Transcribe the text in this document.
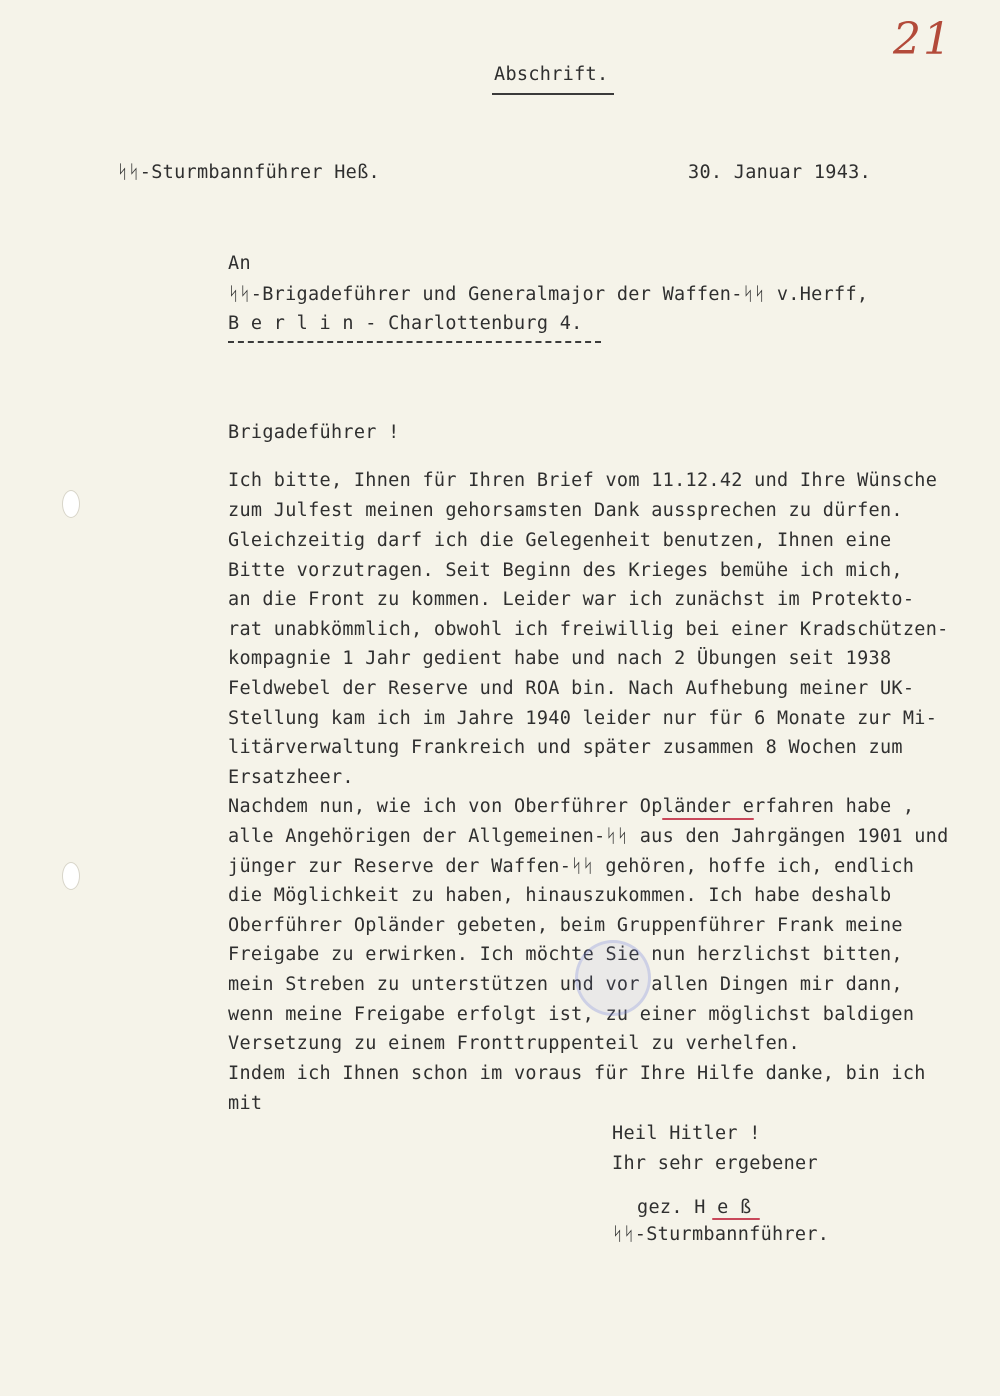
21
Abschrift.
ᛋᛋ-Sturmbannführer Heß.	30. Januar 1943.
An
ᛋᛋ-Brigadeführer und Generalmajor der Waffen-ᛋᛋ v.Herff,
B e r l i n - Charlottenburg 4.
Brigadeführer !
Ich bitte, Ihnen für Ihren Brief vom 11.12.42 und Ihre Wünsche
zum Julfest meinen gehorsamsten Dank aussprechen zu dürfen.
Gleichzeitig darf ich die Gelegenheit benutzen, Ihnen eine
Bitte vorzutragen. Seit Beginn des Krieges bemühe ich mich,
an die Front zu kommen. Leider war ich zunächst im Protekto-
rat unabkömmlich, obwohl ich freiwillig bei einer Kradschützen-
kompagnie 1 Jahr gedient habe und nach 2 Übungen seit 1938
Feldwebel der Reserve und ROA bin. Nach Aufhebung meiner UK-
Stellung kam ich im Jahre 1940 leider nur für 6 Monate zur Mi-
litärverwaltung Frankreich und später zusammen 8 Wochen zum
Ersatzheer.
Nachdem nun, wie ich von Oberführer Opländer erfahren habe ,
alle Angehörigen der Allgemeinen-ᛋᛋ aus den Jahrgängen 1901 und
jünger zur Reserve der Waffen-ᛋᛋ gehören, hoffe ich, endlich
die Möglichkeit zu haben, hinauszukommen. Ich habe deshalb
Oberführer Opländer gebeten, beim Gruppenführer Frank meine
Freigabe zu erwirken. Ich möchte Sie nun herzlichst bitten,
mein Streben zu unterstützen und vor allen Dingen mir dann,
wenn meine Freigabe erfolgt ist, zu einer möglichst baldigen
Versetzung zu einem Fronttruppenteil zu verhelfen.
Indem ich Ihnen schon im voraus für Ihre Hilfe danke, bin ich
mit
Heil Hitler !
Ihr sehr ergebener
gez. H e ß
ᛋᛋ-Sturmbannführer.
